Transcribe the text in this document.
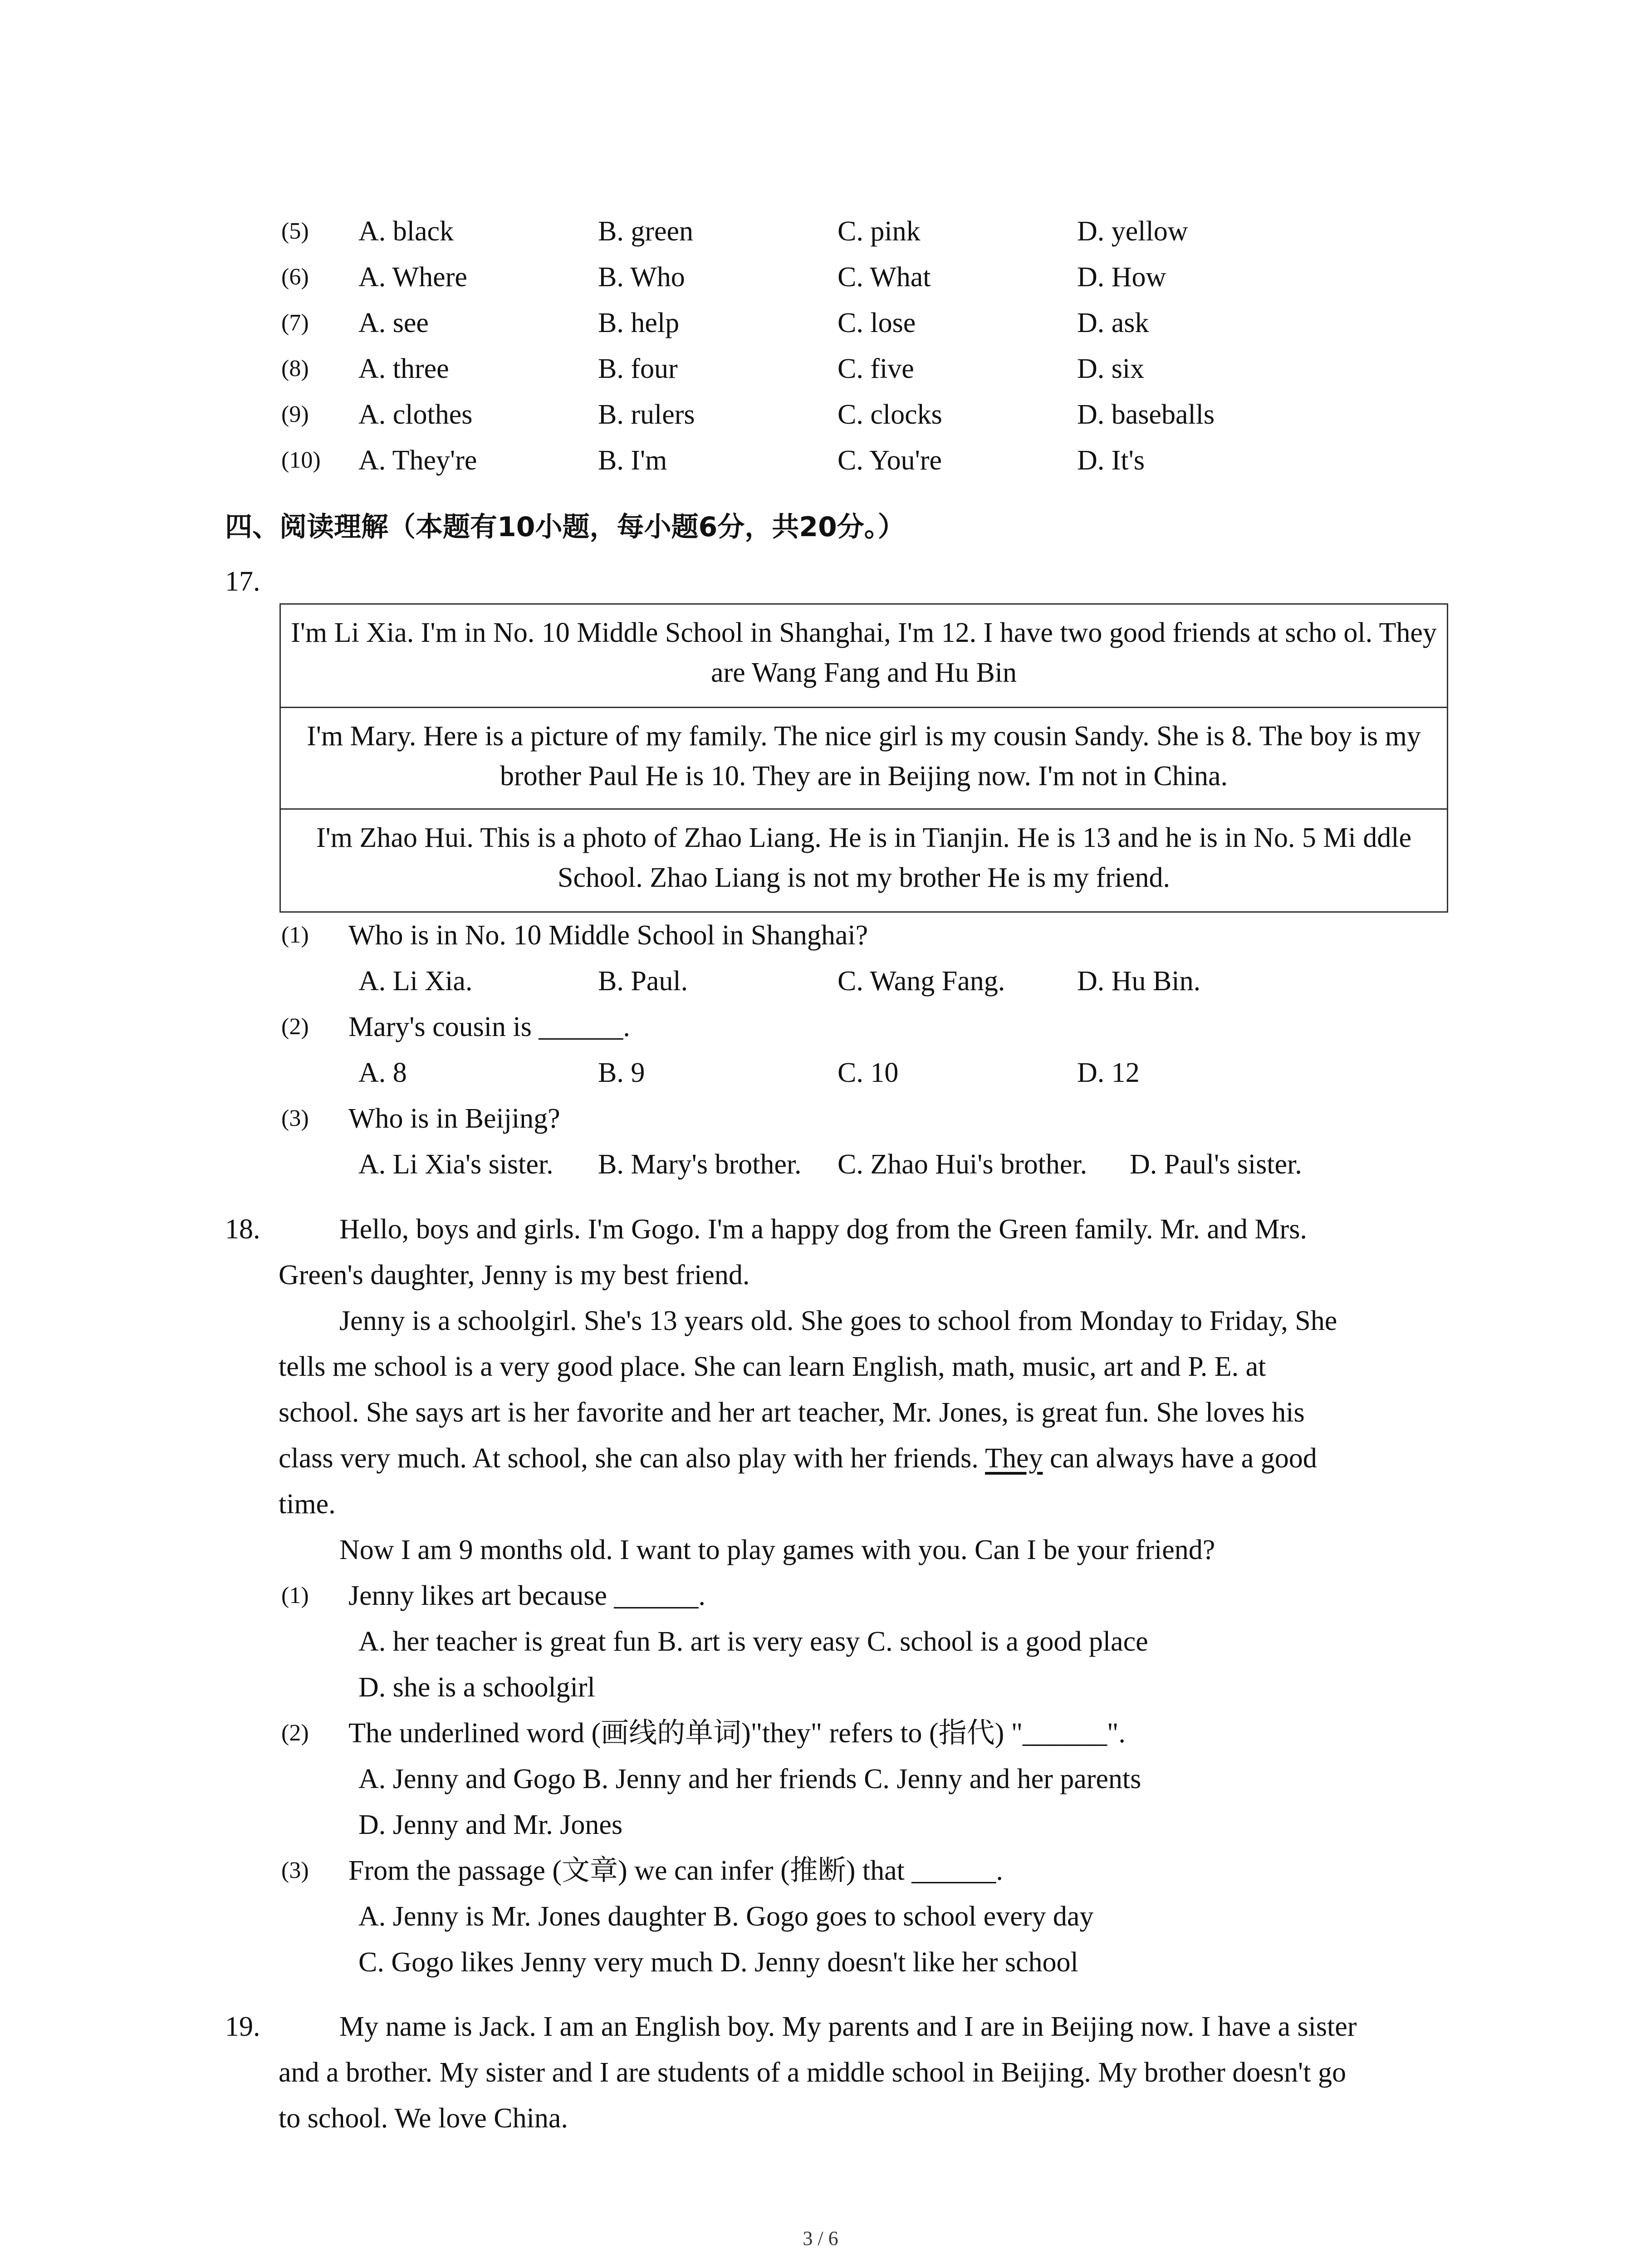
(5) A. black	B. green	C. pink	D. yellow
(6) A. Where	B. Who	C. What	D. How
(7) A. see	B. help	C. lose	D. ask
(8) A. three	B. four	C. five	D. six
(9) A. clothes	B. rulers	C. clocks	D. baseballs
(10) A. They're	B. I'm	C. You're	D. It's
四、阅读理解（本题有10小题，每小题6分，共20分。）
17.
I'm Li Xia. I'm in No. 10 Middle School in Shanghai, I'm 12. I have two good friends at scho ol. They are Wang Fang and Hu Bin
I'm Mary. Here is a picture of my family. The nice girl is my cousin Sandy. She is 8. The boy is my brother Paul He is 10. They are in Beijing now. I'm not in China.
I'm Zhao Hui. This is a photo of Zhao Liang. He is in Tianjin. He is 13 and he is in No. 5 Mi ddle School. Zhao Liang is not my brother He is my friend.
(1) Who is in No. 10 Middle School in Shanghai?
A. Li Xia.	B. Paul.	C. Wang Fang.	D. Hu Bin.
(2) Mary's cousin is ______.
A. 8	B. 9	C. 10	D. 12
(3) Who is in Beijing?
A. Li Xia's sister. B. Mary's brother. C. Zhao Hui's brother. D. Paul's sister.
18.	Hello, boys and girls. I'm Gogo. I'm a happy dog from the Green family. Mr. and Mrs.
Green's daughter, Jenny is my best friend.
Jenny is a schoolgirl. She's 13 years old. She goes to school from Monday to Friday, She
tells me school is a very good place. She can learn English, math, music, art and P. E. at
school. She says art is her favorite and her art teacher, Mr. Jones, is great fun. She loves his
class very much. At school, she can also play with her friends. They can always have a good
time.
Now I am 9 months old. I want to play games with you. Can I be your friend?
(1) Jenny likes art because ______.
A. her teacher is great fun B. art is very easy C. school is a good place
D. she is a schoolgirl
(2) The underlined word (画线的单词)"they" refers to (指代) "______".
A. Jenny and Gogo B. Jenny and her friends C. Jenny and her parents
D. Jenny and Mr. Jones
(3) From the passage (文章) we can infer (推断) that ______.
A. Jenny is Mr. Jones daughter B. Gogo goes to school every day
C. Gogo likes Jenny very much D. Jenny doesn't like her school
19.	My name is Jack. I am an English boy. My parents and I are in Beijing now. I have a sister
and a brother. My sister and I are students of a middle school in Beijing. My brother doesn't go
to school. We love China.
3 / 6
